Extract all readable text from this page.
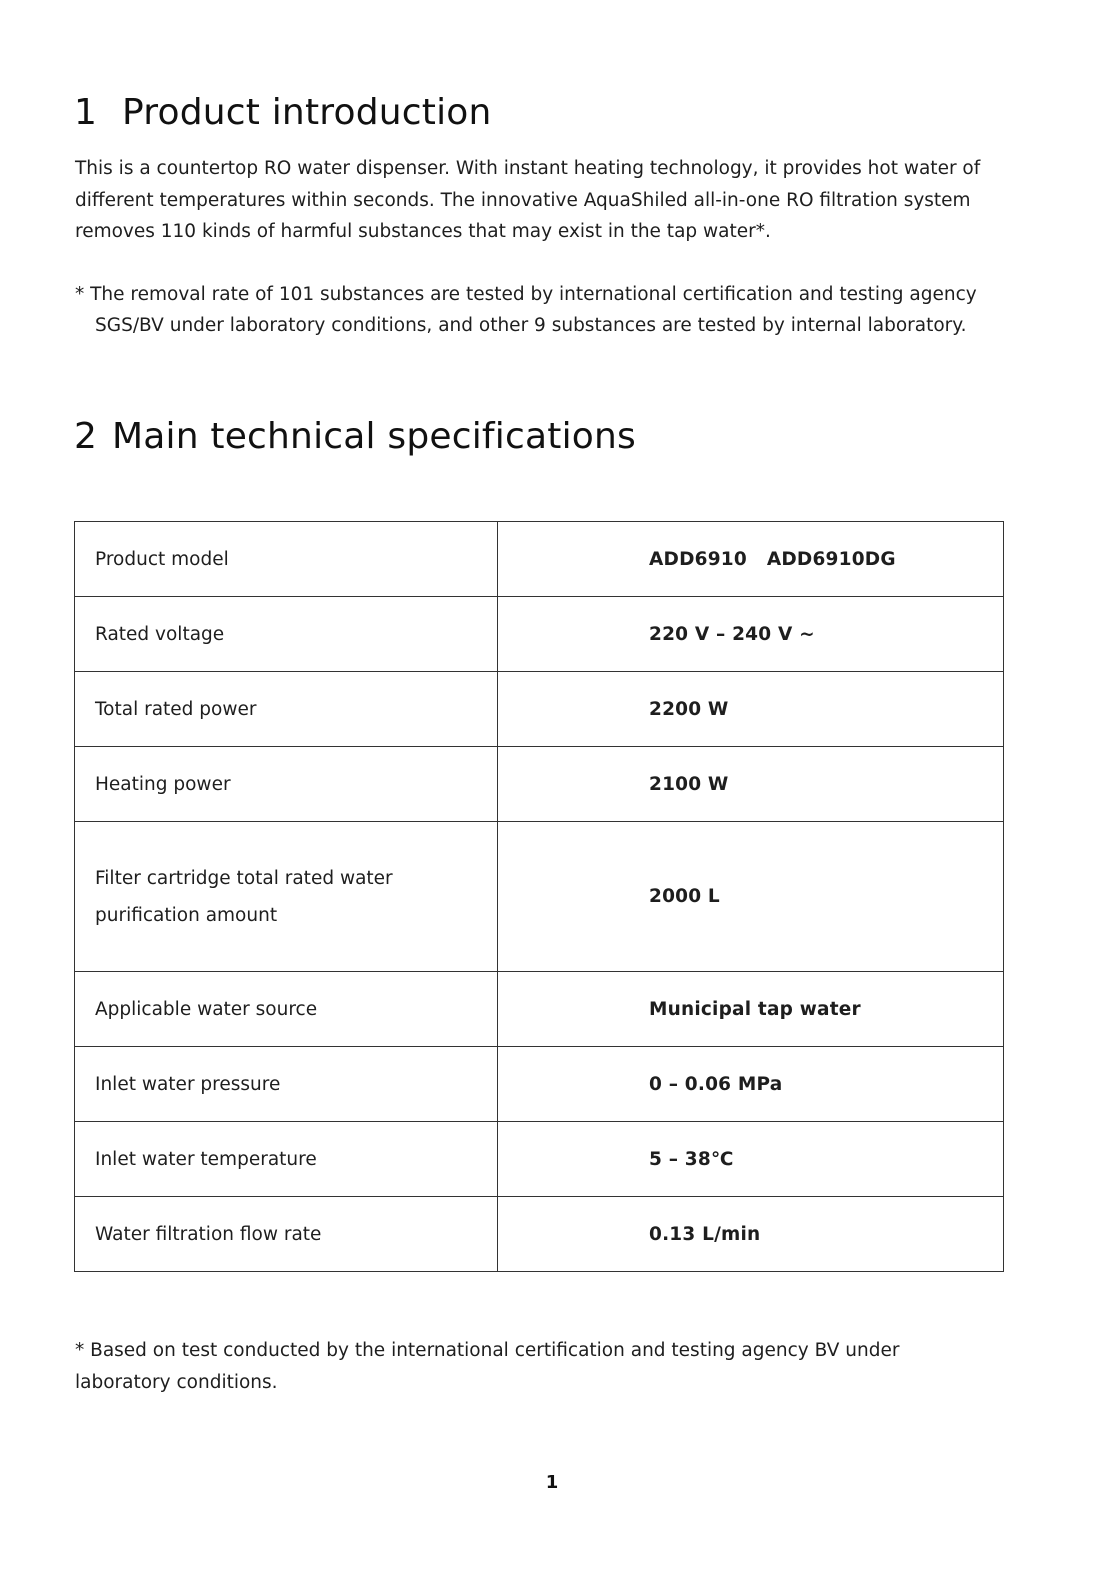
1 Product introduction

This is a countertop RO water dispenser. With instant heating technology, it provides hot water of different temperatures within seconds. The innovative AquaShiled all-in-one RO filtration system removes 110 kinds of harmful substances that may exist in the tap water*.

* The removal rate of 101 substances are tested by international certification and testing agency

SGS/BV under laboratory conditions, and other 9 substances are tested by internal laboratory.

2 Main technical specifications
Product model	ADD6910   ADD6910DG
Rated voltage	220 V – 240 V ~
Total rated power	2200 W
Heating power	2100 W
Filter cartridge total rated water purification amount	2000 L
Applicable water source	Municipal tap water
Inlet water pressure	0 – 0.06 MPa
Inlet water temperature	5 – 38℃
Water filtration flow rate	0.13 L/min

* Based on test conducted by the international certification and testing agency BV under laboratory conditions.

1
